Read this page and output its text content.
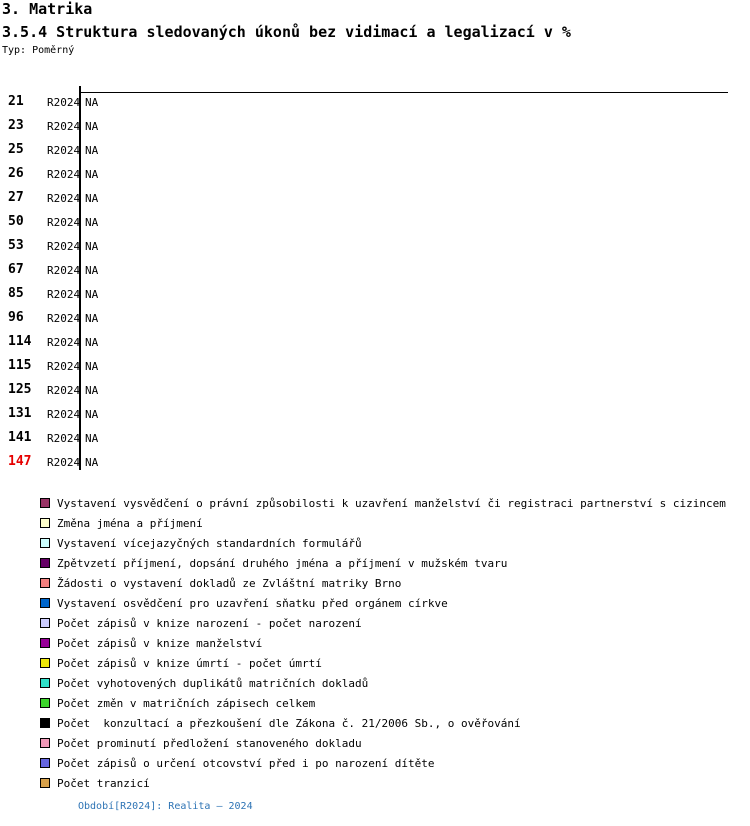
3. Matrika
3.5.4 Struktura sledovaných úkonů bez vidimací a legalizací v %
Typ: Poměrný
21 R2024 NA
23 R2024 NA
25 R2024 NA
26 R2024 NA
27 R2024 NA
50 R2024 NA
53 R2024 NA
67 R2024 NA
85 R2024 NA
96 R2024 NA
114 R2024 NA
115 R2024 NA
125 R2024 NA
131 R2024 NA
141 R2024 NA
147 R2024 NA
Vystavení vysvědčení o právní způsobilosti k uzavření manželství či registraci partnerství s cizincem
Změna jména a příjmení
Vystavení vícejazyčných standardních formulářů
Zpětvzetí příjmení, dopsání druhého jména a příjmení v mužském tvaru
Žádosti o vystavení dokladů ze Zvláštní matriky Brno
Vystavení osvědčení pro uzavření sňatku před orgánem církve
Počet zápisů v knize narození - počet narození
Počet zápisů v knize manželství
Počet zápisů v knize úmrtí - počet úmrtí
Počet vyhotovených duplikátů matričních dokladů
Počet změn v matričních zápisech celkem
Počet  konzultací a přezkoušení dle Zákona č. 21/2006 Sb., o ověřování
Počet prominutí předložení stanoveného dokladu
Počet zápisů o určení otcovství před i po narození dítěte
Počet tranzicí
Období[R2024]: Realita – 2024
